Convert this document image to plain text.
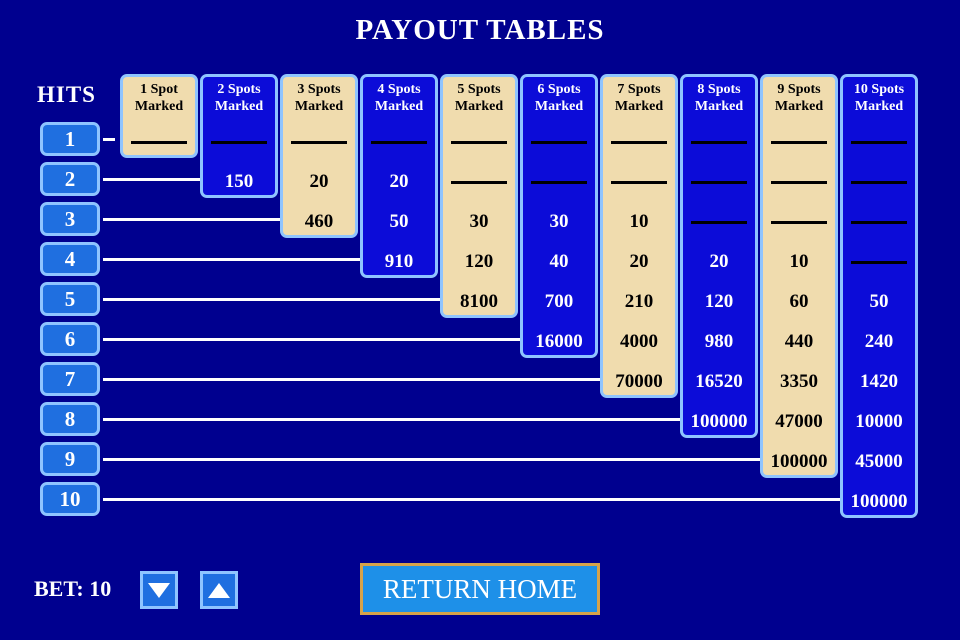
PAYOUT TABLES
HITS
1
2
3
4
5
6
7
8
9
10
1 Spot
Marked
2 Spots
Marked
150
3 Spots
Marked
20
460
4 Spots
Marked
20
50
910
5 Spots
Marked
30
120
8100
6 Spots
Marked
30
40
700
16000
7 Spots
Marked
10
20
210
4000
70000
8 Spots
Marked
20
120
980
16520
100000
9 Spots
Marked
10
60
440
3350
47000
100000
10 Spots
Marked
50
240
1420
10000
45000
100000
BET: 10	RETURN HOME
